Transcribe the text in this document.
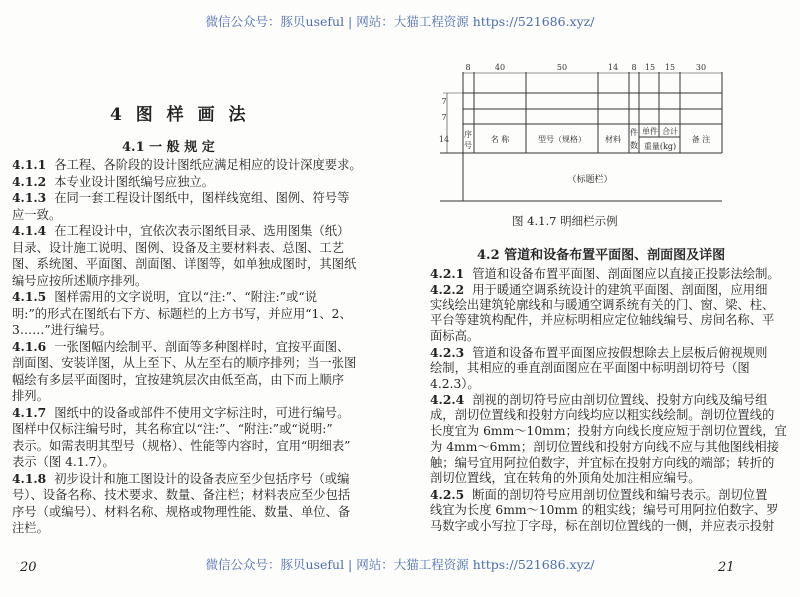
微信公众号：豚贝useful | 网站：大猫工程资源 https://521686.xyz/
微信公众号：豚贝useful | 网站：大猫工程资源 https://521686.xyz/
4 图 样 画 法
4.1 一 般 规 定
4.1.1 各工程、各阶段的设计图纸应满足相应的设计深度要求。
4.1.2 本专业设计图纸编号应独立。
4.1.3 在同一套工程设计图纸中，图样线宽组、图例、符号等
应一致。
4.1.4 在工程设计中，宜依次表示图纸目录、选用图集（纸）
目录、设计施工说明、图例、设备及主要材料表、总图、工艺
图、系统图、平面图、剖面图、详图等，如单独成图时，其图纸
编号应按所述顺序排列。
4.1.5 图样需用的文字说明，宜以“注:”、“附注:”或“说
明:”的形式在图纸右下方、标题栏的上方书写，并应用“1、2、
3……”进行编号。
4.1.6 一张图幅内绘制平、剖面等多种图样时，宜按平面图、
剖面图、安装详图，从上至下、从左至右的顺序排列；当一张图
幅绘有多层平面图时，宜按建筑层次由低至高，由下而上顺序
排列。
4.1.7 图纸中的设备或部件不使用文字标注时，可进行编号。
图样中仅标注编号时，其名称宜以“注:”、“附注:”或“说明:”
表示。如需表明其型号（规格）、性能等内容时，宜用“明细表”
表示（图 4.1.7）。
4.1.8 初步设计和施工图设计的设备表应至少包括序号（或编
号）、设备名称、技术要求、数量、备注栏；材料表应至少包括
序号（或编号）、材料名称、规格或物理性能、数量、单位、备
注栏。
20
8	40	50	14 8 15 15	30
7
7
14
序
号
名 称	型号（规格） 材料
件
数
单件 合计
重量(kg)
备 注
（标题栏）
图 4.1.7 明细栏示例
4.2 管道和设备布置平面图、剖面图及详图
4.2.1 管道和设备布置平面图、剖面图应以直接正投影法绘制。
4.2.2 用于暖通空调系统设计的建筑平面图、剖面图，应用细
实线绘出建筑轮廓线和与暖通空调系统有关的门、窗、梁、柱、
平台等建筑构配件，并应标明相应定位轴线编号、房间名称、平
面标高。
4.2.3 管道和设备布置平面图应按假想除去上层板后俯视规则
绘制，其相应的垂直剖面图应在平面图中标明剖切符号（图
4.2.3）。
4.2.4 剖视的剖切符号应由剖切位置线、投射方向线及编号组
成，剖切位置线和投射方向线均应以粗实线绘制。剖切位置线的
长度宜为 6mm～10mm；投射方向线长度应短于剖切位置线，宜
为 4mm～6mm；剖切位置线和投射方向线不应与其他图线相接
触；编号宜用阿拉伯数字，并宜标在投射方向线的端部；转折的
剖切位置线，宜在转角的外顶角处加注相应编号。
4.2.5 断面的剖切符号应用剖切位置线和编号表示。剖切位置
线宜为长度 6mm～10mm 的粗实线；编号可用阿拉伯数字、罗
马数字或小写拉丁字母，标在剖切位置线的一侧，并应表示投射
21
